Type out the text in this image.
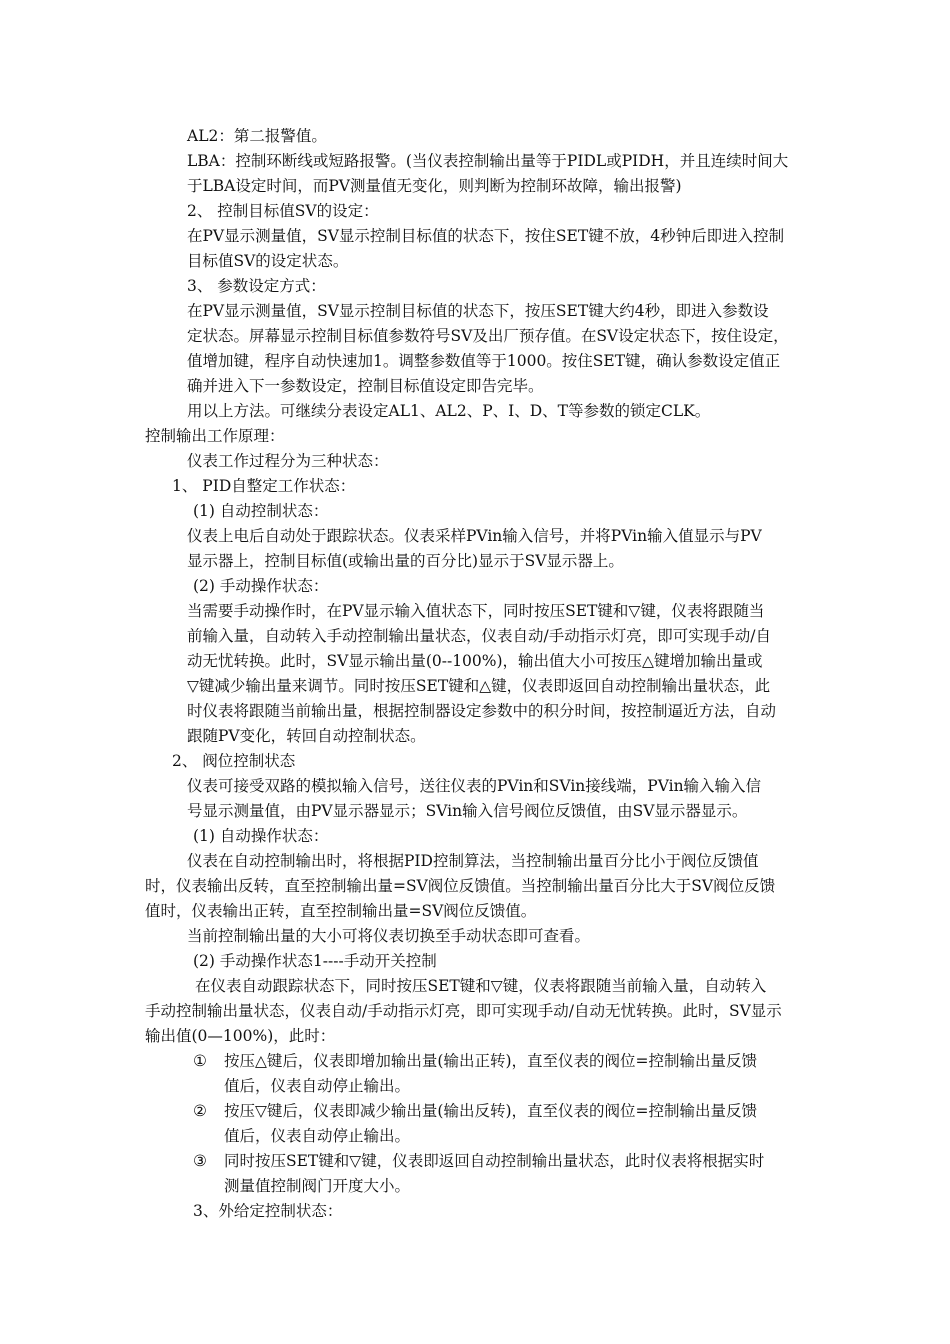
AL2：第二报警值。
LBA：控制环断线或短路报警。(当仪表控制输出量等于PIDL或PIDH，并且连续时间大
于LBA设定时间，而PV测量值无变化，则判断为控制环故障，输出报警)
2、 控制目标值SV的设定：
在PV显示测量值，SV显示控制目标值的状态下，按住SET键不放，4秒钟后即进入控制
目标值SV的设定状态。
3、 参数设定方式：
在PV显示测量值，SV显示控制目标值的状态下，按压SET键大约4秒，即进入参数设
定状态。屏幕显示控制目标值参数符号SV及出厂预存值。在SV设定状态下，按住设定，
值增加键，程序自动快速加1。调整参数值等于1000。按住SET键，确认参数设定值正
确并进入下一参数设定，控制目标值设定即告完毕。
用以上方法。可继续分表设定AL1、AL2、P、I、D、T等参数的锁定CLK。
控制输出工作原理：
仪表工作过程分为三种状态：
1、 PID自整定工作状态：
(1) 自动控制状态：
仪表上电后自动处于跟踪状态。仪表采样PVin输入信号，并将PVin输入值显示与PV
显示器上，控制目标值(或输出量的百分比)显示于SV显示器上。
(2) 手动操作状态：
当需要手动操作时，在PV显示输入值状态下，同时按压SET键和▽键，仪表将跟随当
前输入量，自动转入手动控制输出量状态，仪表自动/手动指示灯亮，即可实现手动/自
动无忧转换。此时，SV显示输出量(0--100%)，输出值大小可按压△键增加输出量或
▽键减少输出量来调节。同时按压SET键和△键，仪表即返回自动控制输出量状态，此
时仪表将跟随当前输出量，根据控制器设定参数中的积分时间，按控制逼近方法，自动
跟随PV变化，转回自动控制状态。
2、 阀位控制状态
仪表可接受双路的模拟输入信号，送往仪表的PVin和SVin接线端，PVin输入输入信
号显示测量值，由PV显示器显示；SVin输入信号阀位反馈值，由SV显示器显示。
(1) 自动操作状态：
仪表在自动控制输出时，将根据PID控制算法，当控制输出量百分比小于阀位反馈值
时，仪表输出反转，直至控制输出量=SV阀位反馈值。当控制输出量百分比大于SV阀位反馈
值时，仪表输出正转，直至控制输出量=SV阀位反馈值。
当前控制输出量的大小可将仪表切换至手动状态即可查看。
(2) 手动操作状态1----手动开关控制
在仪表自动跟踪状态下，同时按压SET键和▽键，仪表将跟随当前输入量，自动转入
手动控制输出量状态，仪表自动/手动指示灯亮，即可实现手动/自动无忧转换。此时，SV显示
输出值(0—100%)，此时：
① 按压△键后，仪表即增加输出量(输出正转)，直至仪表的阀位=控制输出量反馈
值后，仪表自动停止输出。
② 按压▽键后，仪表即减少输出量(输出反转)，直至仪表的阀位=控制输出量反馈
值后，仪表自动停止输出。
③ 同时按压SET键和▽键，仪表即返回自动控制输出量状态，此时仪表将根据实时
测量值控制阀门开度大小。
3、外给定控制状态：
